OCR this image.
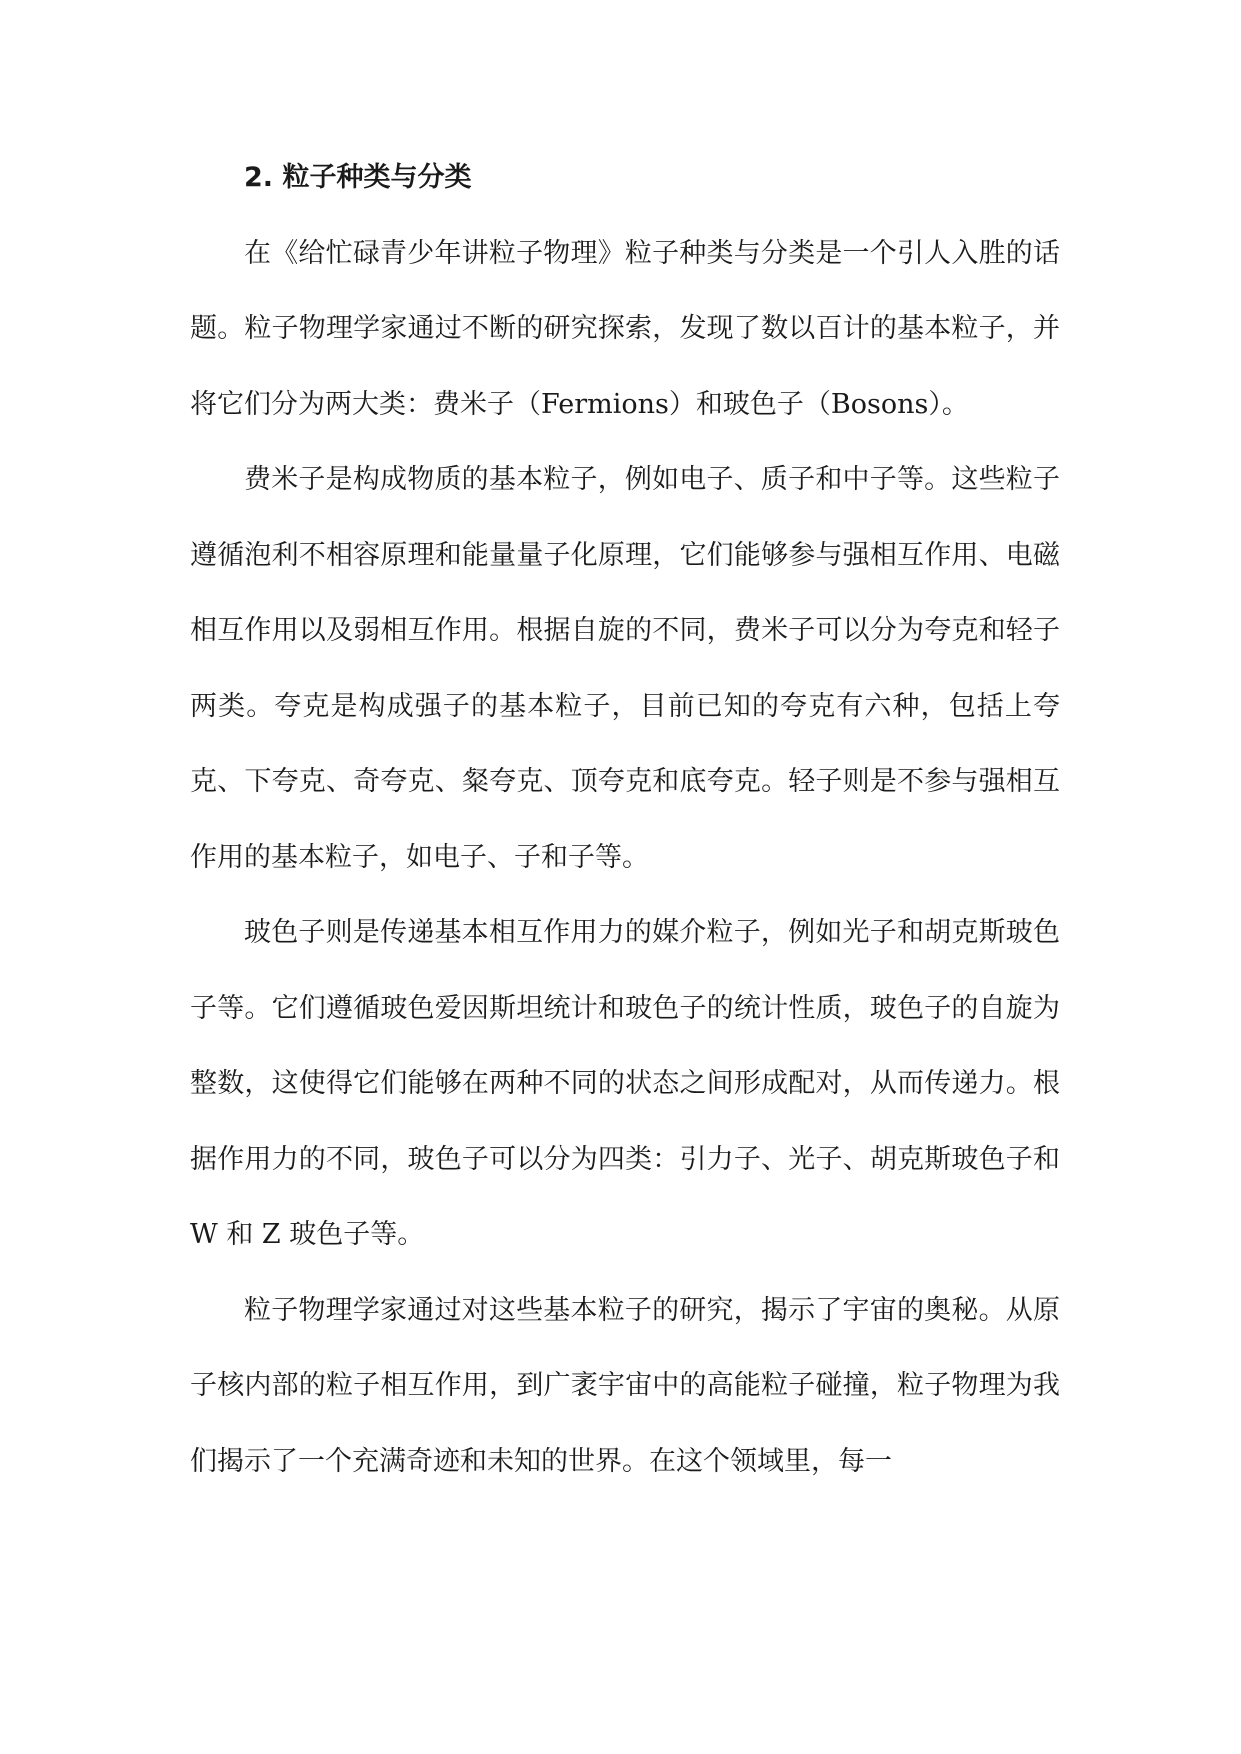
2. 粒子种类与分类

在《给忙碌青少年讲粒子物理》粒子种类与分类是一个引人入胜的话题。粒子物理学家通过不断的研究探索，发现了数以百计的基本粒子，并将它们分为两大类：费米子（Fermions）和玻色子（Bosons）。

费米子是构成物质的基本粒子，例如电子、质子和中子等。这些粒子遵循泡利不相容原理和能量量子化原理，它们能够参与强相互作用、电磁相互作用以及弱相互作用。根据自旋的不同，费米子可以分为夸克和轻子两类。夸克是构成强子的基本粒子，目前已知的夸克有六种，包括上夸克、下夸克、奇夸克、粲夸克、顶夸克和底夸克。轻子则是不参与强相互作用的基本粒子，如电子、子和子等。

玻色子则是传递基本相互作用力的媒介粒子，例如光子和胡克斯玻色子等。它们遵循玻色爱因斯坦统计和玻色子的统计性质，玻色子的自旋为整数，这使得它们能够在两种不同的状态之间形成配对，从而传递力。根据作用力的不同，玻色子可以分为四类：引力子、光子、胡克斯玻色子和 W 和 Z 玻色子等。

粒子物理学家通过对这些基本粒子的研究，揭示了宇宙的奥秘。从原子核内部的粒子相互作用，到广袤宇宙中的高能粒子碰撞，粒子物理为我们揭示了一个充满奇迹和未知的世界。在这个领域里，每一
